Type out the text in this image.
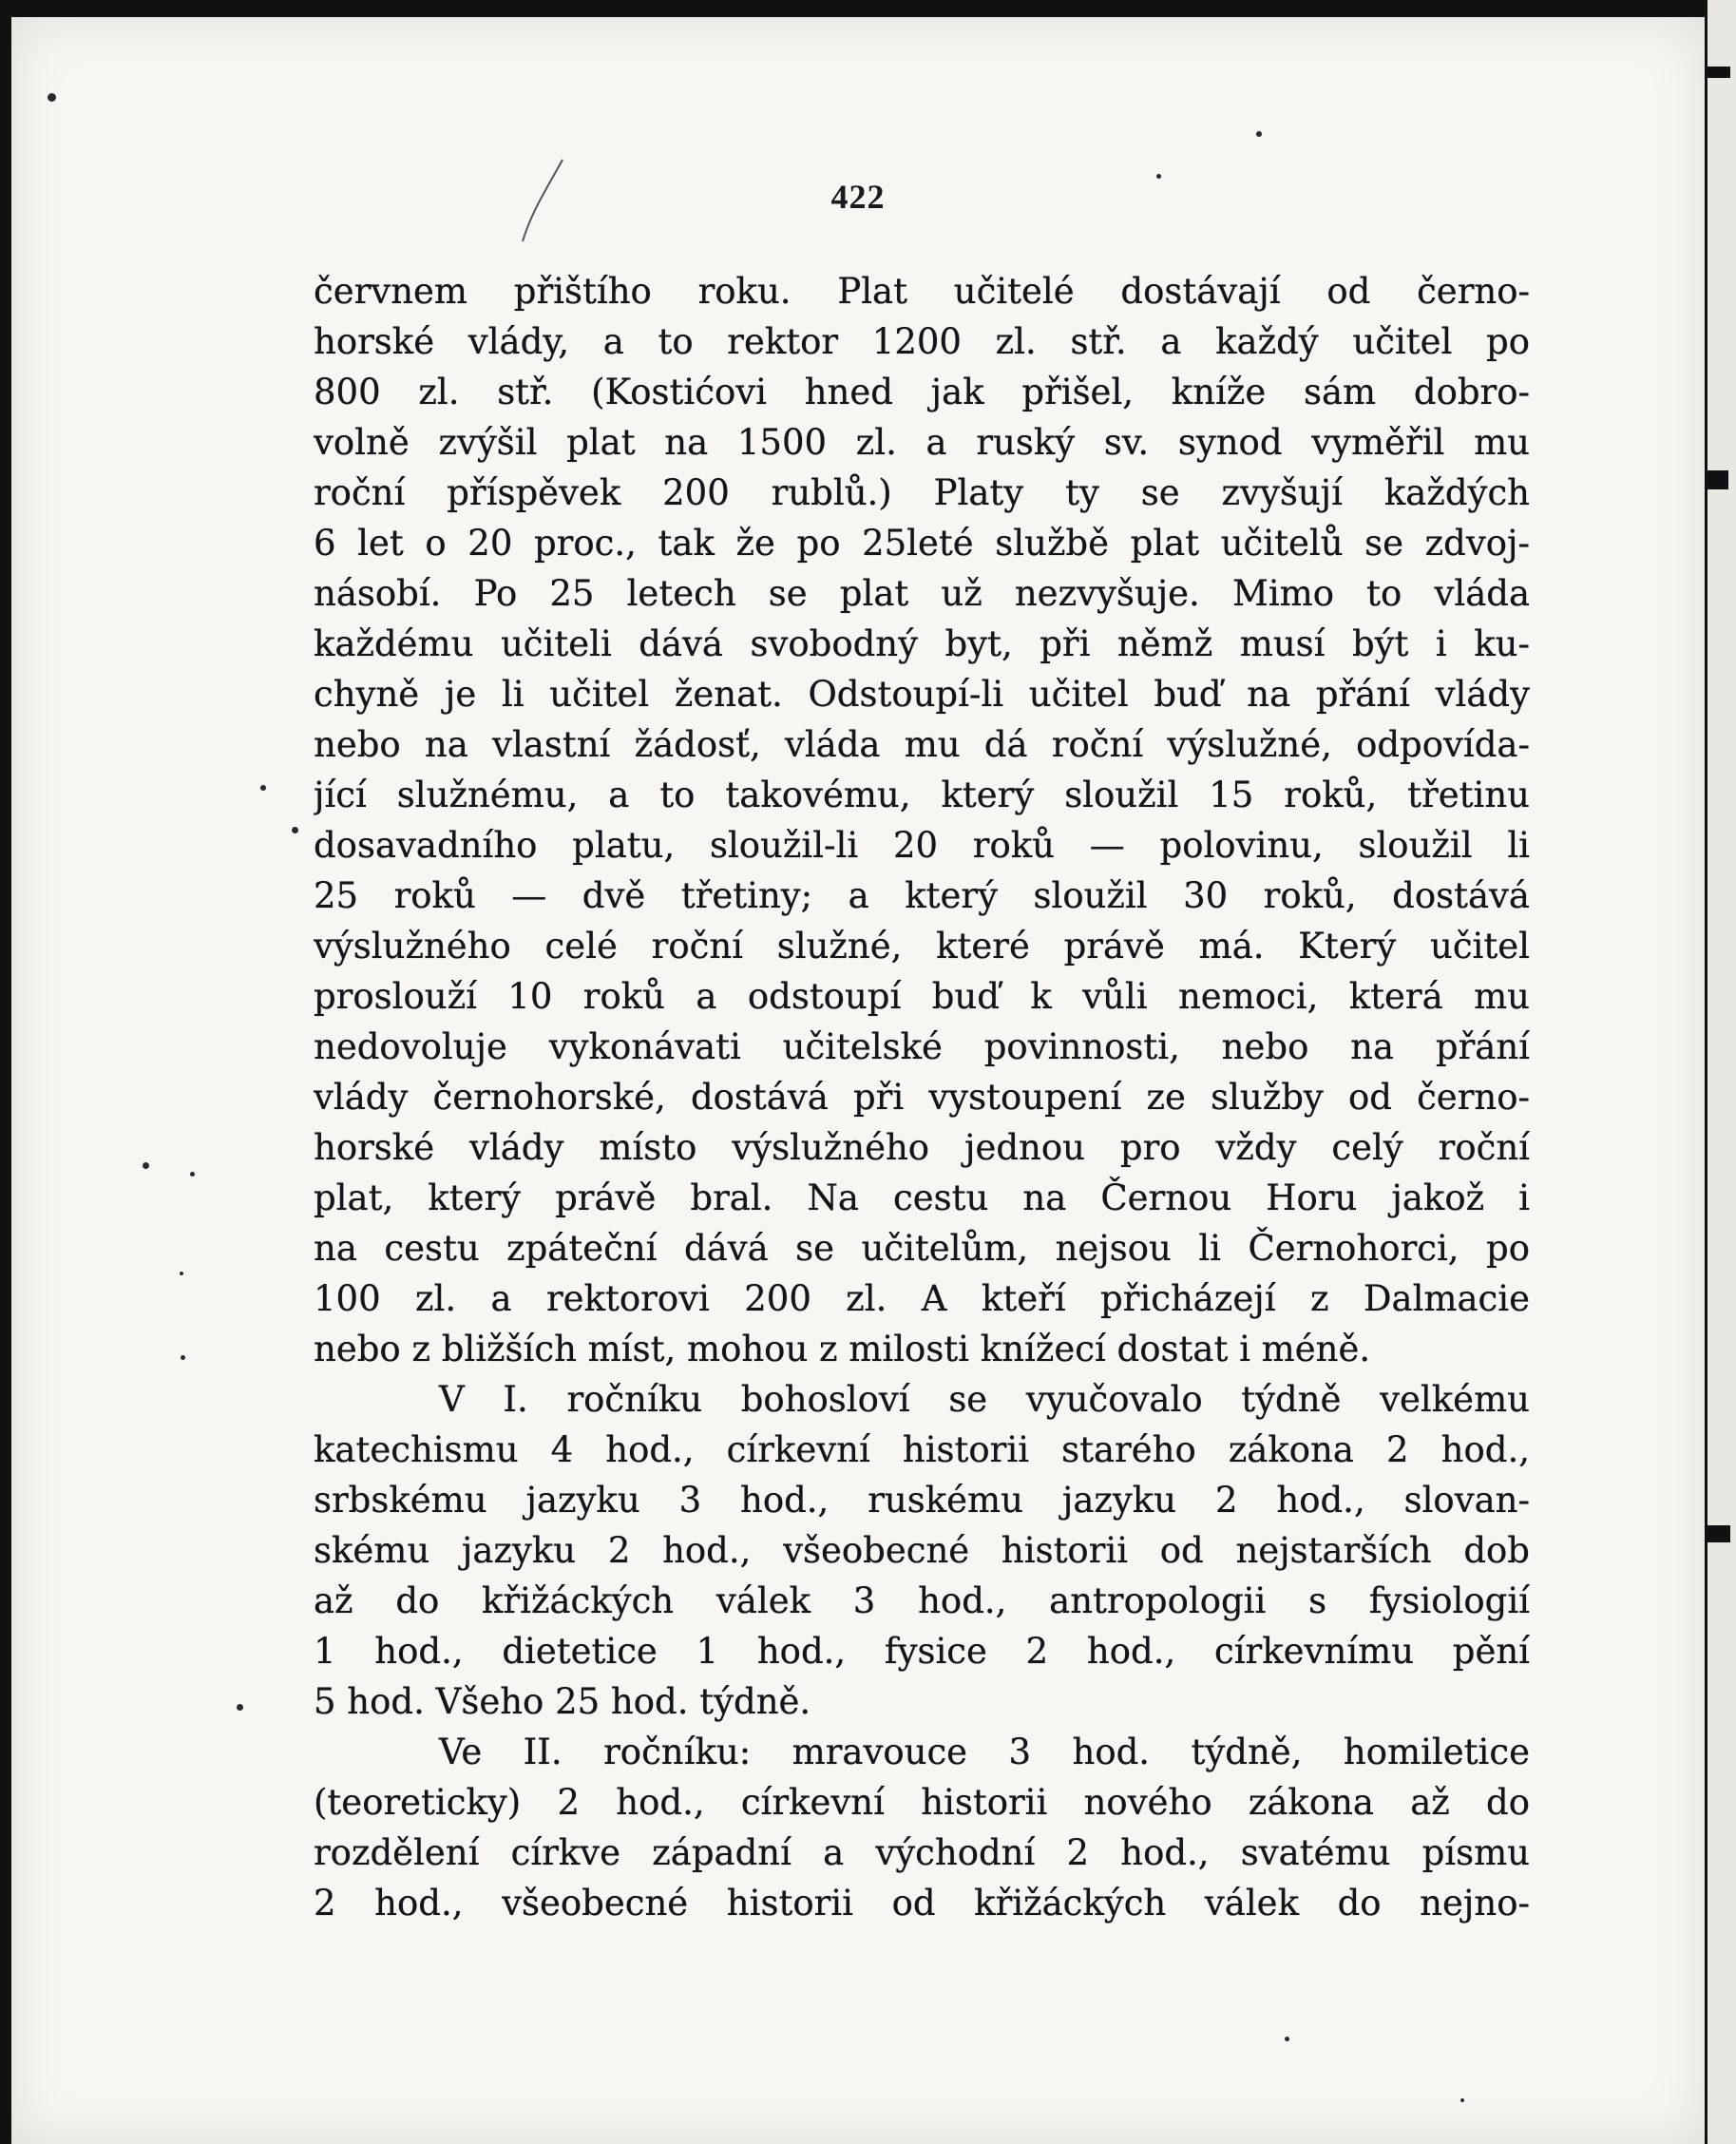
422
červnem přištího roku. Plat učitelé dostávají od černo-
horské vlády, a to rektor 1200 zl. stř. a každý učitel po
800 zl. stř. (Kostićovi hned jak přišel, kníže sám dobro-
volně zvýšil plat na 1500 zl. a ruský sv. synod vyměřil mu
roční příspěvek 200 rublů.) Platy ty se zvyšují každých
6 let o 20 proc., tak že po 25leté službě plat učitelů se zdvoj-
násobí. Po 25 letech se plat už nezvyšuje. Mimo to vláda
každému učiteli dává svobodný byt, při němž musí být i ku-
chyně je li učitel ženat. Odstoupí-li učitel buď na přání vlády
nebo na vlastní žádosť, vláda mu dá roční výslužné, odpovída-
jící služnému, a to takovému, který sloužil 15 roků, třetinu
dosavadního platu, sloužil-li 20 roků — polovinu, sloužil li
25 roků — dvě třetiny; a který sloužil 30 roků, dostává
výslužného celé roční služné, které právě má. Který učitel
proslouží 10 roků a odstoupí buď k vůli nemoci, která mu
nedovoluje vykonávati učitelské povinnosti, nebo na přání
vlády černohorské, dostává při vystoupení ze služby od černo-
horské vlády místo výslužného jednou pro vždy celý roční
plat, který právě bral. Na cestu na Černou Horu jakož i
na cestu zpáteční dává se učitelům, nejsou li Černohorci, po
100 zl. a rektorovi 200 zl. A kteří přicházejí z Dalmacie
nebo z bližších míst, mohou z milosti knížecí dostat i méně.
V I. ročníku bohosloví se vyučovalo týdně velkému
katechismu 4 hod., církevní historii starého zákona 2 hod.,
srbskému jazyku 3 hod., ruskému jazyku 2 hod., slovan-
skému jazyku 2 hod., všeobecné historii od nejstarších dob
až do křižáckých válek 3 hod., antropologii s fysiologií
1 hod., dietetice 1 hod., fysice 2 hod., církevnímu pění
5 hod. Všeho 25 hod. týdně.
Ve II. ročníku: mravouce 3 hod. týdně, homiletice
(teoreticky) 2 hod., církevní historii nového zákona až do
rozdělení církve západní a východní 2 hod., svatému písmu
2 hod., všeobecné historii od křižáckých válek do nejno-
